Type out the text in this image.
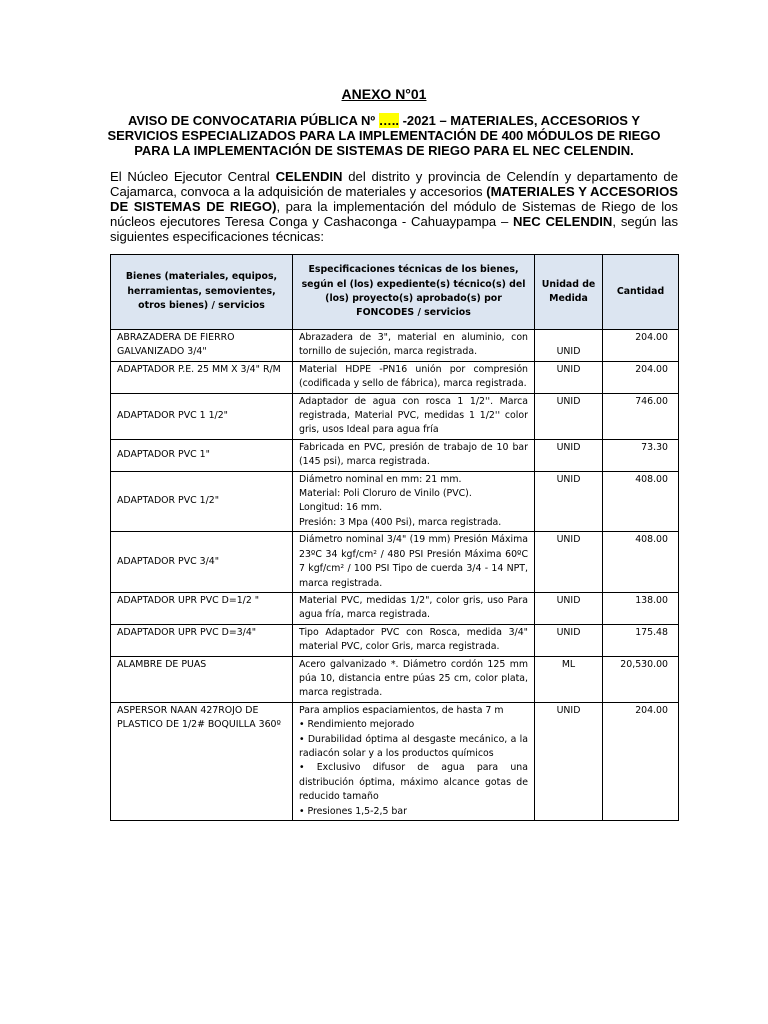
ANEXO N°01
AVISO DE CONVOCATARIA PÚBLICA Nº ….. -2021 – MATERIALES, ACCESORIOS Y SERVICIOS ESPECIALIZADOS PARA LA IMPLEMENTACIÓN DE 400 MÓDULOS DE RIEGO PARA LA IMPLEMENTACIÓN DE SISTEMAS DE RIEGO PARA EL NEC CELENDIN.
El Núcleo Ejecutor Central CELENDIN del distrito y provincia de Celendín y departamento de Cajamarca, convoca a la adquisición de materiales y accesorios (MATERIALES Y ACCESORIOS DE SISTEMAS DE RIEGO), para la implementación del módulo de Sistemas de Riego de los núcleos ejecutores Teresa Conga y Cashaconga - Cahuaypampa – NEC CELENDIN, según las siguientes especificaciones técnicas:
Bienes (materiales, equipos, herramientas, semovientes, otros bienes) / servicios	Especificaciones técnicas de los bienes, según el (los) expediente(s) técnico(s) del (los) proyecto(s) aprobado(s) por FONCODES / servicios	Unidad de Medida	Cantidad
ABRAZADERA DE FIERRO GALVANIZADO 3/4"	Abrazadera de 3", material en aluminio, con tornillo de sujeción, marca registrada.	UNID	204.00
ADAPTADOR P.E. 25 MM X 3/4" R/M	Material HDPE -PN16 unión por compresión (codificada y sello de fábrica), marca registrada.	UNID	204.00
ADAPTADOR PVC 1 1/2"	Adaptador de agua con rosca 1 1/2''. Marca registrada, Material PVC, medidas 1 1/2'' color gris, usos Ideal para agua fría	UNID	746.00
ADAPTADOR PVC 1"	Fabricada en PVC, presión de trabajo de 10 bar (145 psi), marca registrada.	UNID	73.30
ADAPTADOR PVC 1/2"	Diámetro nominal en mm: 21 mm.
Material: Poli Cloruro de Vinilo (PVC).
Longitud: 16 mm.
Presión: 3 Mpa (400 Psi), marca registrada.	UNID	408.00
ADAPTADOR PVC 3/4"	Diámetro nominal 3/4" (19 mm) Presión Máxima 23ºC 34 kgf/cm² / 480 PSI Presión Máxima 60ºC 7 kgf/cm² / 100 PSI Tipo de cuerda 3/4 - 14 NPT, marca registrada.	UNID	408.00
ADAPTADOR UPR PVC D=1/2 "	Material PVC, medidas 1/2", color gris, uso Para agua fría, marca registrada.	UNID	138.00
ADAPTADOR UPR PVC D=3/4"	Tipo Adaptador PVC con Rosca, medida 3/4" material PVC, color Gris, marca registrada.	UNID	175.48
ALAMBRE DE PUAS	Acero galvanizado *. Diámetro cordón 125 mm púa 10, distancia entre púas 25 cm, color plata, marca registrada.	ML	20,530.00
ASPERSOR NAAN 427ROJO DE PLASTICO DE 1/2# BOQUILLA 360º	Para amplios espaciamientos, de hasta 7 m
• Rendimiento mejorado
• Durabilidad óptima al desgaste mecánico, a la radiacón solar y a los productos químicos
• Exclusivo difusor de agua para una distribución óptima, máximo alcance gotas de reducido tamaño
• Presiones 1,5-2,5 bar	UNID	204.00
